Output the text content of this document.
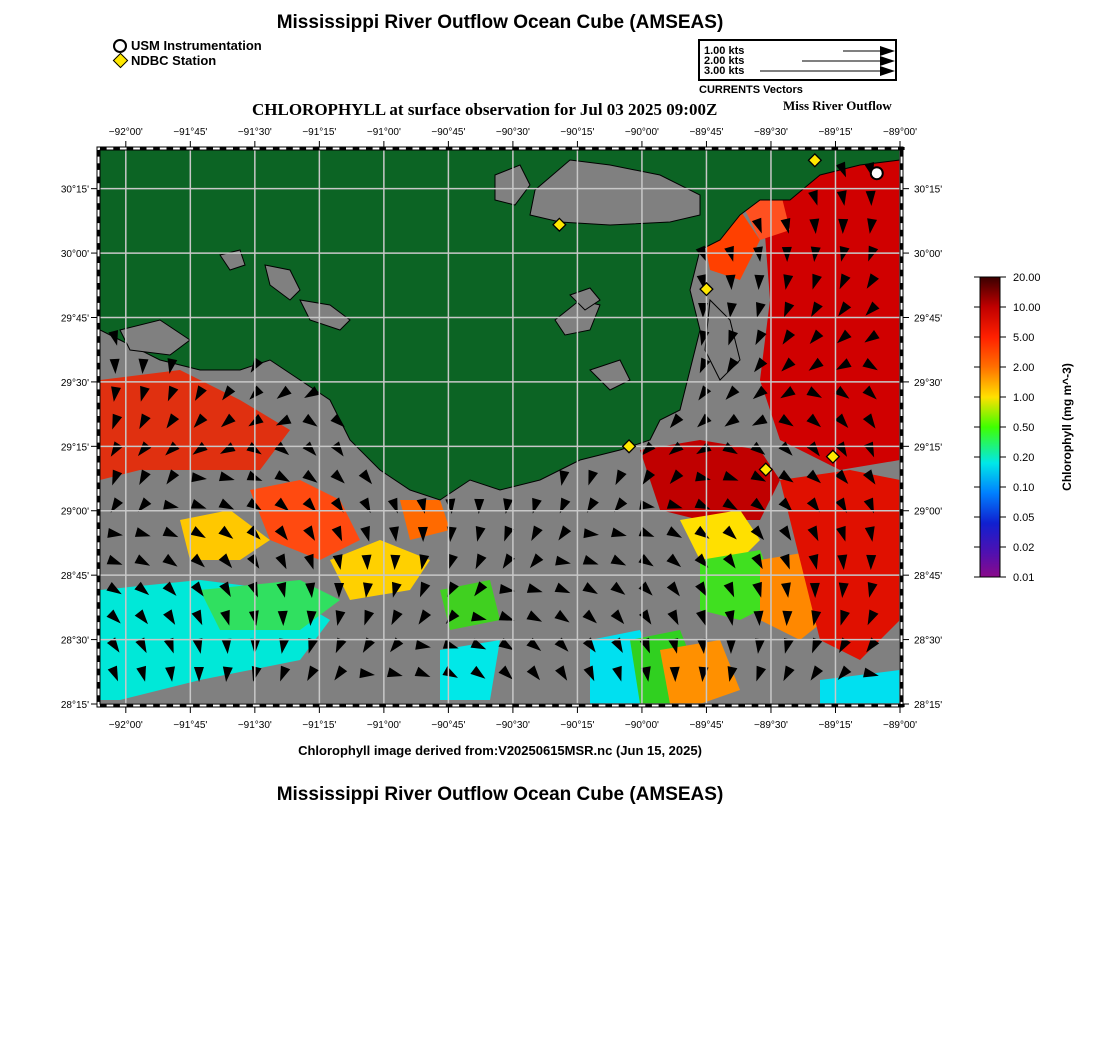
Mississippi River Outflow Ocean Cube (AMSEAS)
USM Instrumentation
NDBC Station
1.00 kts
2.00 kts
3.00 kts
CURRENTS Vectors
CHLOROPHYLL at surface observation for Jul 03 2025 09:00Z	Miss River Outflow
−92°00'
−92°00'
−91°45'
−91°45'
−91°30'
−91°30'
−91°15'
−91°15'
−91°00'
−91°00'
−90°45'
−90°45'
−90°30'
−90°30'
−90°15'
−90°15'
−90°00'
−90°00'
−89°45'
−89°45'
−89°30'
−89°30'
−89°15'
−89°15'
−89°00'
−89°00'
30°15'	30°15'
30°00'	30°00'
29°45'	29°45'
29°30'	29°30'
29°15'	29°15'
29°00'	29°00'
28°45'	28°45'
28°30'	28°30'
28°15'	28°15'
20.00
10.00
5.00
2.00
1.00
0.50
0.20
0.10
0.05
0.02
0.01
Chlorophyll (mg m^-3)
Chlorophyll image derived from:V20250615MSR.nc (Jun 15, 2025)
Mississippi River Outflow Ocean Cube (AMSEAS)
